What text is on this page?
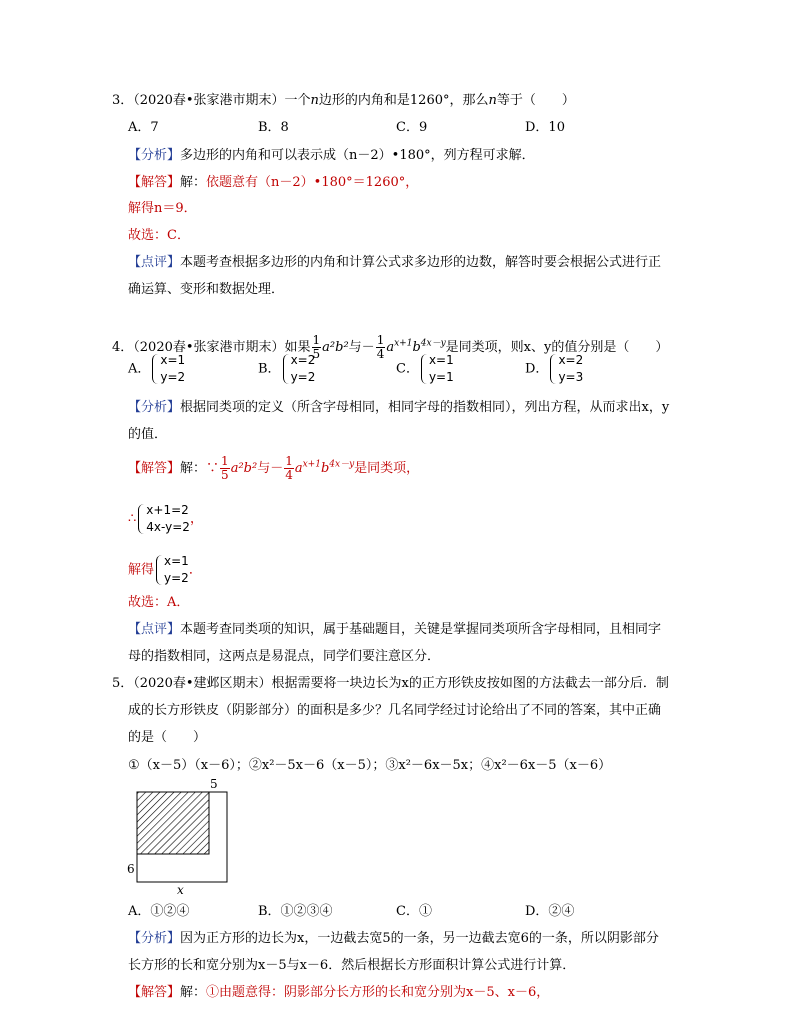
3．（2020春•张家港市期末）一个n边形的内角和是1260°，那么n等于（　　）
A．7	B．8	C．9	D．10
【分析】多边形的内角和可以表示成（n－2）•180°，列方程可求解．
【解答】解：依题意有（n－2）•180°＝1260°，
解得n＝9．
故选：C．
【点评】本题考查根据多边形的内角和计算公式求多边形的边数，解答时要会根据公式进行正
确运算、变形和数据处理．
4．（2020春•张家港市期末）如果 $\frac{1}{5} a^2b^2$与－ $\frac{1}{4} a^{x+1}b^{4x-y}$是同类项，则x、y的值分别是（　　）
A．
x=1
y=2
B．
x=2
y=2
C．
x=1
y=1
D．
x=2
y=3
【分析】根据同类项的定义（所含字母相同，相同字母的指数相同），列出方程，从而求出x，y
的值．
【解答】解：∵ $\frac{1}{5} a^2b^2$与－ $\frac{1}{4} a^{x+1}b^{4x-y}$是同类项，
∴
x+1=2
4x-y=2
，
解得
x=1
y=2
．
故选：A．
【点评】本题考查同类项的知识，属于基础题目，关键是掌握同类项所含字母相同，且相同字
母的指数相同，这两点是易混点，同学们要注意区分．
5．（2020春•建邺区期末）根据需要将一块边长为x的正方形铁皮按如图的方法截去一部分后．制
成的长方形铁皮（阴影部分）的面积是多少？几名同学经过讨论给出了不同的答案，其中正确
的是（　　）
①（x－5）（x－6）；②x²－5x－6（x－5）；③x²－6x－5x；④x²－6x－5（x－6）
5
6
x
A．①②④	B．①②③④	C．①	D．②④
【分析】因为正方形的边长为x，一边截去宽5的一条，另一边截去宽6的一条，所以阴影部分
长方形的长和宽分别为x－5与x－6．然后根据长方形面积计算公式进行计算．
【解答】解：①由题意得：阴影部分长方形的长和宽分别为x－5、x－6，
